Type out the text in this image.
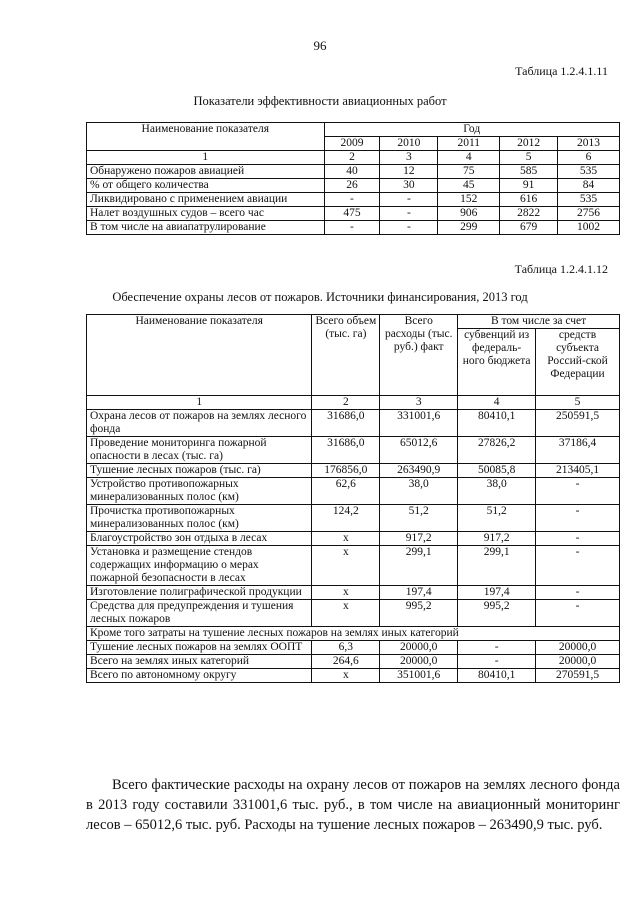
96
Таблица 1.2.4.1.11
Показатели эффективности авиационных работ
Наименование показателя	Год				
	2009	2010	2011	2012	2013
1	2	3	4	5	6
Обнаружено пожаров авиацией	40	12	75	585	535
% от общего количества	26	30	45	91	84
Ликвидировано с применением авиации	-	-	152	616	535
Налет воздушных судов – всего час	475	-	906	2822	2756
В том числе на авиапатрулирование	-	-	299	679	1002
Таблица 1.2.4.1.12
Обеспечение охраны лесов от пожаров. Источники финансирования, 2013 год
Наименование показателя	Всего объем (тыс. га)	Всего расходы (тыс. руб.) факт	В том числе за счет	
			субвенций из федераль-ного бюджета	средств субъекта Россий-ской Федерации
1	2	3	4	5
Охрана лесов от пожаров на землях лесного фонда	31686,0	331001,6	80410,1	250591,5
Проведение мониторинга пожарной опасности в лесах (тыс. га)	31686,0	65012,6	27826,2	37186,4
Тушение лесных пожаров (тыс. га)	176856,0	263490,9	50085,8	213405,1
Устройство противопожарных минерализованных полос (км)	62,6	38,0	38,0	-
Прочистка противопожарных минерализованных полос (км)	124,2	51,2	51,2	-
Благоустройство зон отдыха в лесах	х	917,2	917,2	-
Установка и размещение стендов содержащих информацию о мерах пожарной безопасности в лесах	х	299,1	299,1	-
Изготовление полиграфической продукции	х	197,4	197,4	-
Средства для предупреждения и тушения лесных пожаров	х	995,2	995,2	-
Кроме того затраты на тушение лесных пожаров на землях иных категорий				
Тушение лесных пожаров на землях ООПТ	6,3	20000,0	-	20000,0
Всего на землях иных категорий	264,6	20000,0	-	20000,0
Всего по автономному округу	х	351001,6	80410,1	270591,5
Всего фактические расходы на охрану лесов от пожаров на землях лесного фонда в 2013 году составили 331001,6 тыс. руб., в том числе на авиационный мониторинг лесов – 65012,6 тыс. руб. Расходы на тушение лесных пожаров – 263490,9 тыс. руб.
